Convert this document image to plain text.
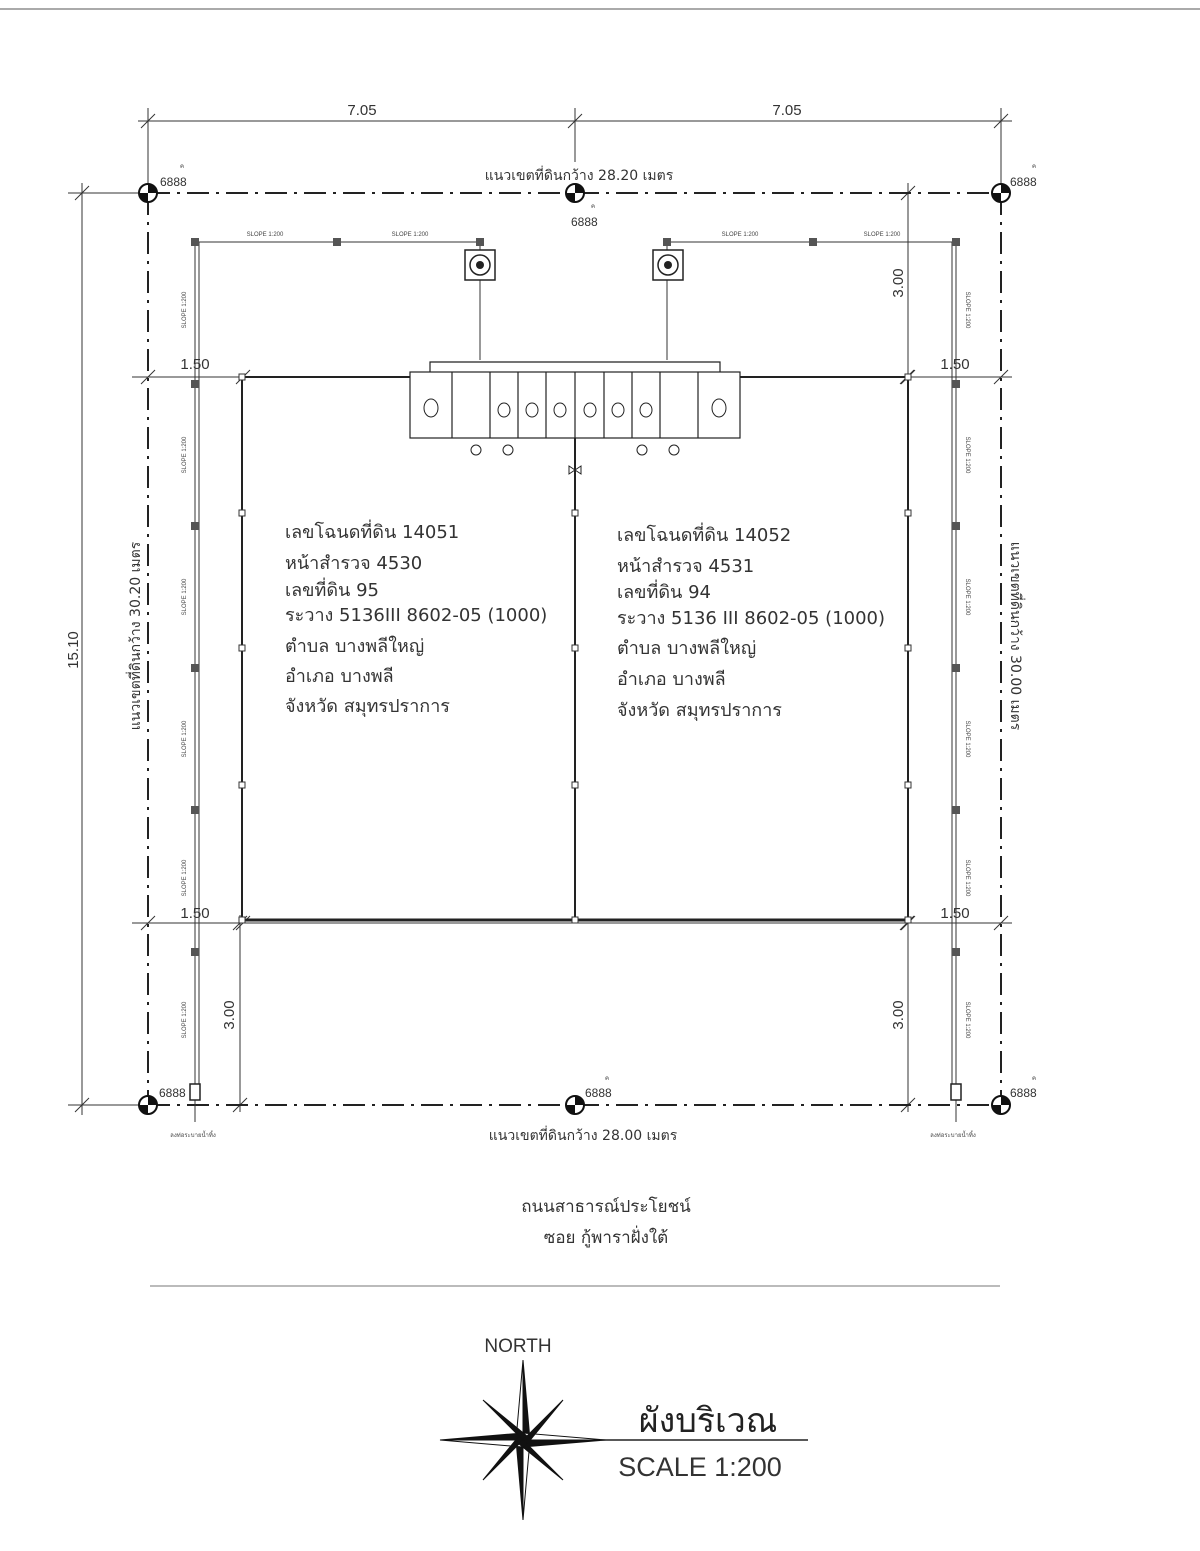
7.05	7.05
15.10
1.50	1.50
1.50	1.50
3.00
3.00	3.00
แนวเขตที่ดินกว้าง 28.20 เมตร
แนวเขตที่ดินกว้าง 28.00 เมตร
แนวเขตที่ดินกว้าง 30.20 เมตร	แนวเขตที่ดินกว้าง 30.00 เมตร
6888
ค
6888
ค
6888
ค
6888	6888
ค
6888
ค
ลงท่อระบายน้ำทิ้ง	ลงท่อระบายน้ำทิ้ง
SLOPE 1:200	SLOPE 1:200	SLOPE 1:200	SLOPE 1:200
SLOPE 1:200
SLOPE 1:200
SLOPE 1:200
SLOPE 1:200
SLOPE 1:200
SLOPE 1:200
SLOPE 1:200
SLOPE 1:200
SLOPE 1:200
SLOPE 1:200
SLOPE 1:200
SLOPE 1:200
เลขโฉนดที่ดิน 14051
หน้าสำรวจ 4530
เลขที่ดิน 95
ระวาง 5136III 8602-05 (1000)
ตำบล บางพลีใหญ่
อำเภอ บางพลี
จังหวัด สมุทรปราการ
เลขโฉนดที่ดิน 14052
หน้าสำรวจ 4531
เลขที่ดิน 94
ระวาง 5136 III 8602-05 (1000)
ตำบล บางพลีใหญ่
อำเภอ บางพลี
จังหวัด สมุทรปราการ
ถนนสาธารณ์ประโยชน์
ซอย กู้พาราฝั่งใต้
NORTH
ผังบริเวณ
SCALE 1:200
